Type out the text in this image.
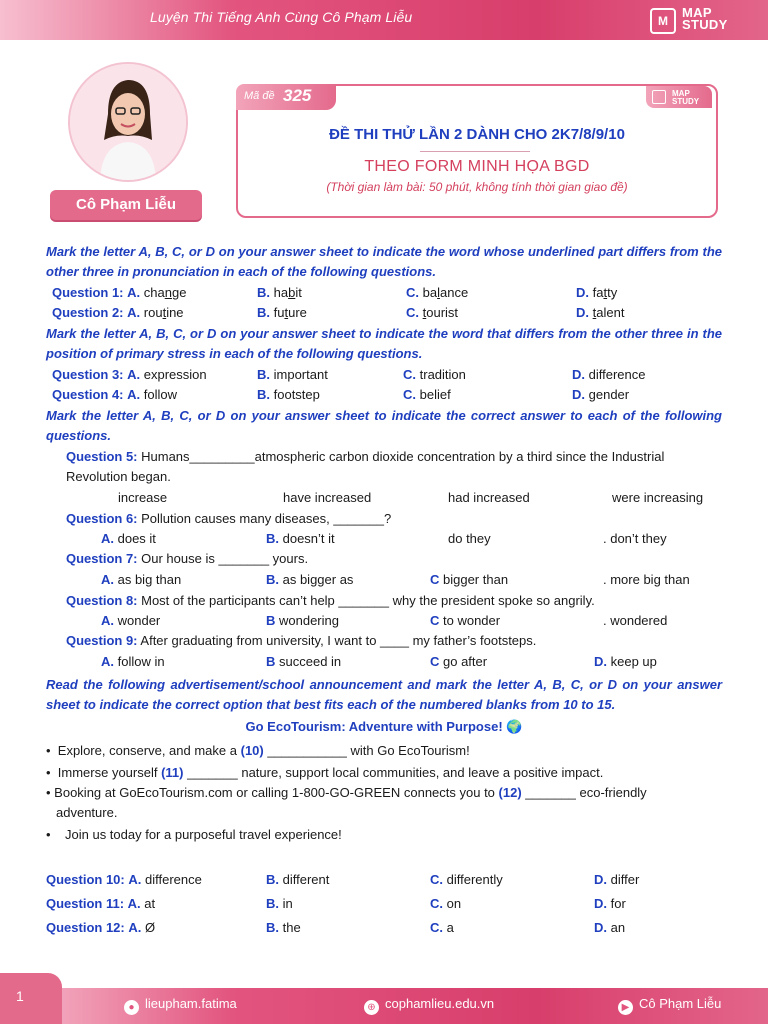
Luyện Thi Tiếng Anh Cùng Cô Phạm Liễu	M
MAP
STUDY
Cô Phạm Liễu
Mã đề 325	MAP
STUDY
ĐỀ THI THỬ LẦN 2 DÀNH CHO 2K7/8/9/10
THEO FORM MINH HỌA BGD
(Thời gian làm bài: 50 phút, không tính thời gian giao đề)
Mark the letter A, B, C, or D on your answer sheet to indicate the word whose underlined part differs from the other three in pronunciation in each of the following questions.
Question 1: A. change	B. habit	C. balance	D. fatty
Question 2: A. routine	B. future	C. tourist	D. talent
Mark the letter A, B, C, or D on your answer sheet to indicate the word that differs from the other three in the position of primary stress in each of the following questions.
Question 3: A. expression	B. important	C. tradition	D. difference
Question 4: A. follow	B. footstep	C. belief	D. gender
Mark the letter A, B, C, or D on your answer sheet to indicate the correct answer to each of the following questions.
Question 5: Humans_________atmospheric carbon dioxide concentration by a third since the Industrial
Revolution began.
increase	have increased	had increased	were increasing
Question 6: Pollution causes many diseases, _______?
A. does it	B. doesn’t it	do they	. don’t they
Question 7: Our house is _______ yours.
A. as big than	B. as bigger as	C bigger than	. more big than
Question 8: Most of the participants can’t help _______ why the president spoke so angrily.
A. wonder	B wondering	C to wonder	. wondered
Question 9: After graduating from university, I want to ____ my father’s footsteps.
A. follow in	B succeed in	C go after	D. keep up
Read the following advertisement/school announcement and mark the letter A, B, C, or D on your answer sheet to indicate the correct option that best fits each of the numbered blanks from 10 to 15.
Go EcoTourism: Adventure with Purpose! 🌍
•  Explore, conserve, and make a (10) ___________ with Go EcoTourism!
•  Immerse yourself (11) _______ nature, support local communities, and leave a positive impact.
• Booking at GoEcoTourism.com or calling 1-800-GO-GREEN connects you to (12) _______ eco-friendly
adventure.
•    Join us today for a purposeful travel experience!
Question 10: A. difference	B. different	C. differently	D. differ
Question 11: A. at	B. in	C. on	D. for
Question 12: A. Ø	B. the	C. a	D. an
1
● lieupham.fatima	⊕ cophamlieu.edu.vn	▶ Cô Phạm Liễu
